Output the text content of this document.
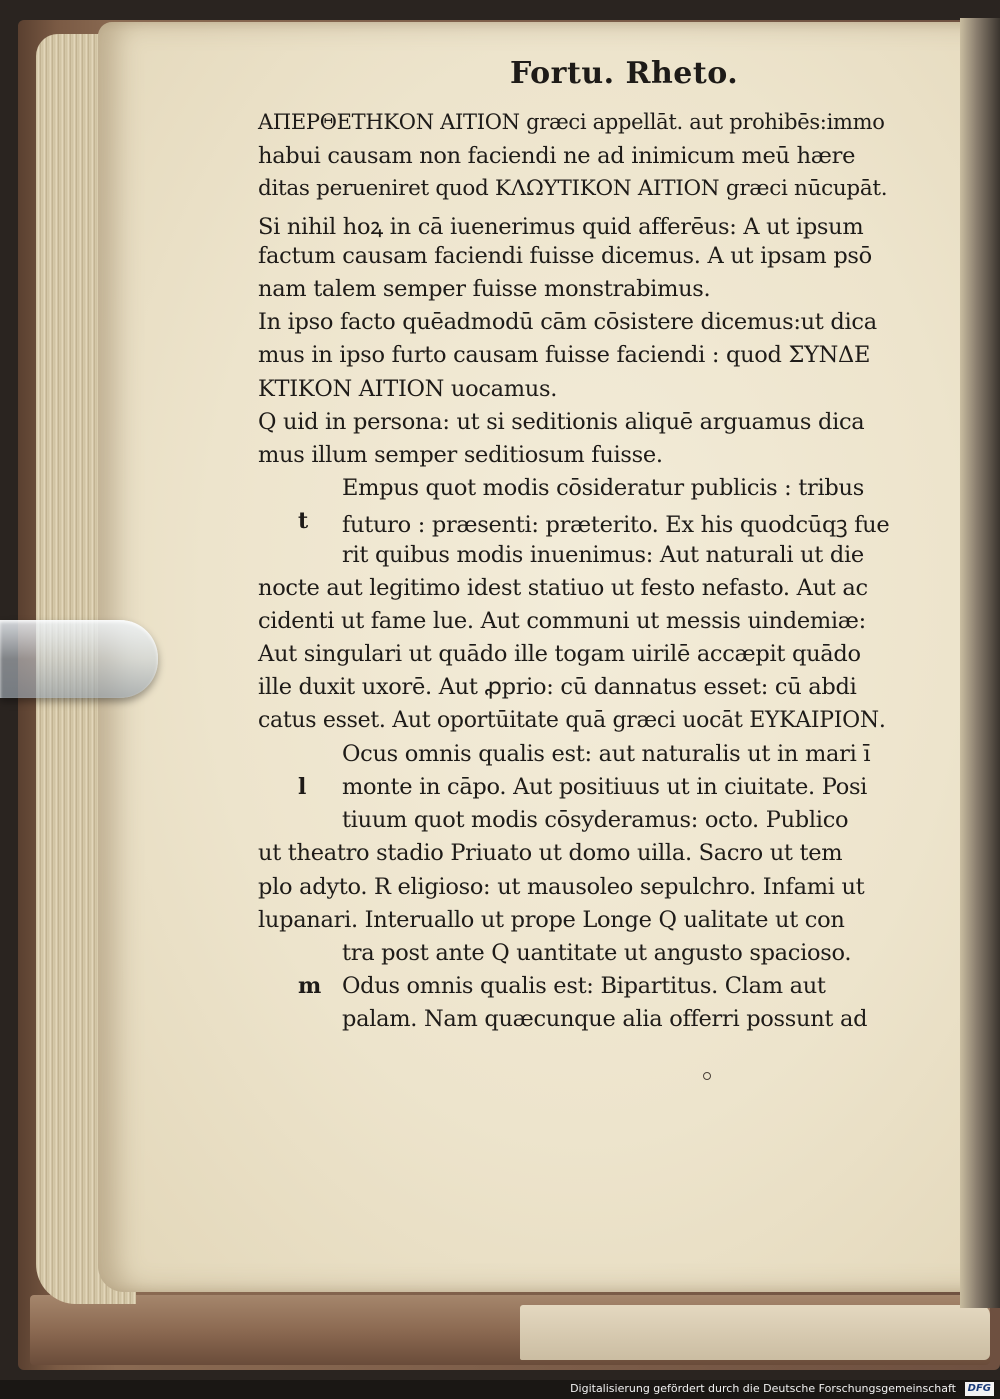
Fortu. Rheto.
ΑΠΕΡΘΕΤΗΚΟΝ ΑΙΤΙΟΝ græci appellāt. aut prohibēs:immo
habui causam non faciendi ne ad inimicum meū hære
ditas perueniret quod ΚΛΩΥΤΙΚΟΝ ΑΙΤΙΟΝ græci nūcupāt.
Si nihil hoꝝ in cā iuenerimus quid afferēus: A ut ipsum
factum causam faciendi fuisse dicemus. A ut ipsam psō
nam talem semper fuisse monstrabimus.
In ipso facto quēadmodū cām cōsistere dicemus:ut dica
mus in ipso furto causam fuisse faciendi : quod ΣΥΝΔΕ
ΚΤΙΚΟΝ ΑΙΤΙΟΝ uocamus.
Q uid in persona: ut si seditionis aliquē arguamus dica
mus illum semper seditiosum fuisse.
Empus quot modis cōsideratur publicis : tribus
futuro : præsenti: præterito. Ex his quodcūqꝫ fue
rit quibus modis inuenimus: Aut naturali ut die
nocte aut legitimo idest statiuo ut festo nefasto. Aut ac
cidenti ut fame lue. Aut communi ut messis uindemiæ:
Aut singulari ut quādo ille togam uirilē accæpit quādo
ille duxit uxorē. Aut ꝓprio: cū dannatus esset: cū abdi
catus esset. Aut oportūitate quā græci uocāt ΕΥΚΑΙΡΙΟΝ.
Ocus omnis qualis est: aut naturalis ut in mari ī
monte in cāpo. Aut positiuus ut in ciuitate. Posi
tiuum quot modis cōsyderamus: octo. Publico
ut theatro stadio Priuato ut domo uilla. Sacro ut tem
plo adyto. R eligioso: ut mausoleo sepulchro. Infami ut
lupanari. Interuallo ut prope Longe Q ualitate ut con
tra post ante Q uantitate ut angusto spacioso.
Odus omnis qualis est: Bipartitus. Clam aut
palam. Nam quæcunque alia offerri possunt ad
t
l
m
Digitalisierung gefördert durch die Deutsche Forschungsgemeinschaft	DFG
